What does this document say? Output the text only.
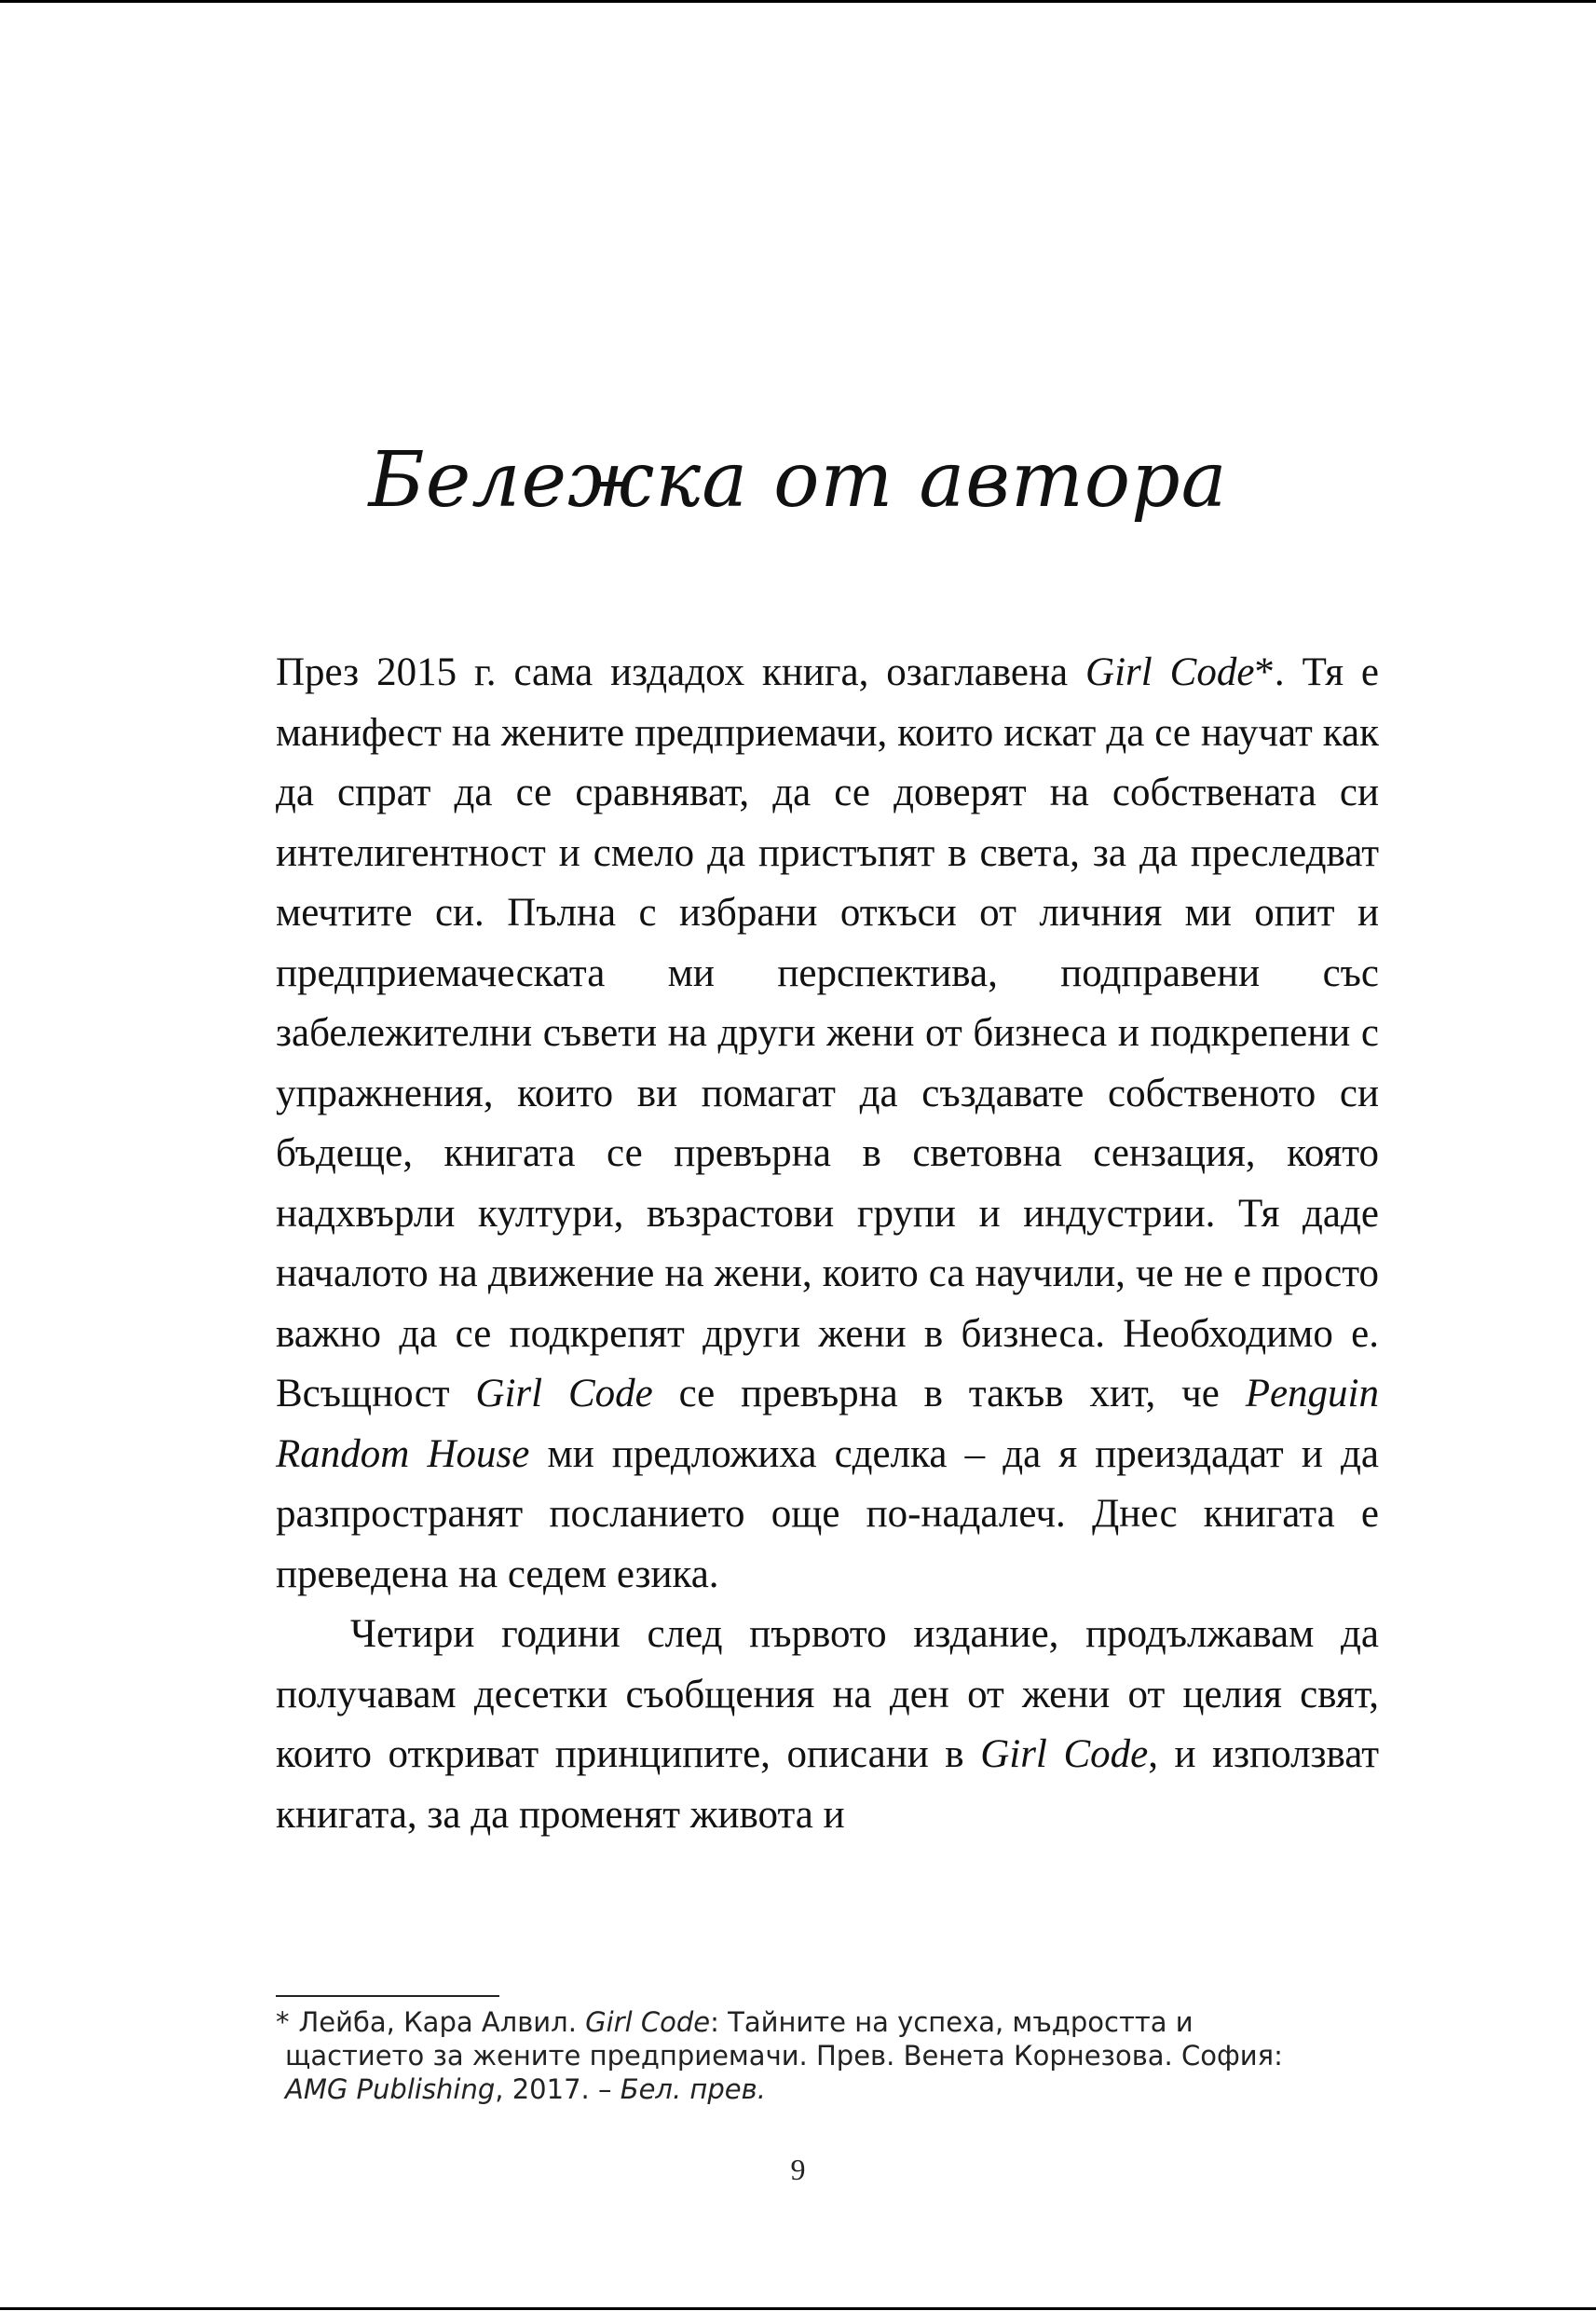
Бележка от автора

През 2015 г. сама издадох книга, озаглавена Girl Code*. Тя е манифест на жените предприемачи, които искат да се научат как да спрат да се сравняват, да се доверят на собствената си интелигентност и смело да пристъпят в света, за да преследват мечтите си. Пълна с избрани откъси от личния ми опит и предприемаческата ми перспектива, подправени със забележителни съвети на други жени от бизнеса и подкрепени с упражнения, които ви помагат да създавате собственото си бъдеще, книгата се превърна в световна сензация, която надхвърли култури, възрастови групи и индустрии. Тя даде началото на движение на жени, които са научили, че не е просто важно да се подкрепят други жени в бизнеса. Необходимо е. Всъщност Girl Code се превърна в такъв хит, че Penguin Random House ми предложиха сделка – да я преиздадат и да разпространят посланието още по-надалеч. Днес книгата е преведена на седем езика.

Четири години след първото издание, продължавам да получавам десетки съобщения на ден от жени от целия свят, които откриват принципите, описани в Girl Code, и използват книгата, за да променят живота и

* Лейба, Кара Алвил. Girl Code: Тайните на успеха, мъдростта и
щастието за жените предприемачи. Прев. Венета Корнезова. София:
AMG Publishing, 2017. – Бел. прев.
9
